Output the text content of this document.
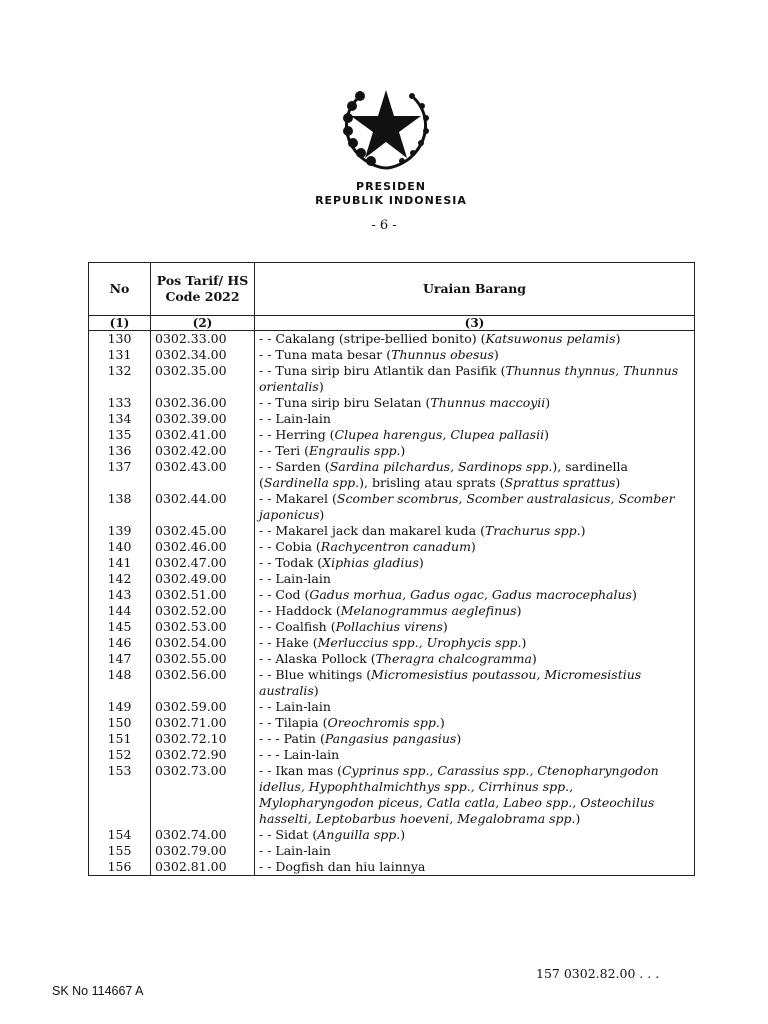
PRESIDEN
REPUBLIK INDONESIA
- 6 -
No	Pos Tarif/ HS Code 2022	Uraian Barang
(1)	(2)	(3)
130	0302.33.00	- - Cakalang (stripe-bellied bonito) (Katsuwonus pelamis)
131	0302.34.00	- - Tuna mata besar (Thunnus obesus)
132	0302.35.00	- - Tuna sirip biru Atlantik dan Pasifik (Thunnus thynnus, Thunnus orientalis)
133	0302.36.00	- - Tuna sirip biru Selatan (Thunnus maccoyii)
134	0302.39.00	- - Lain-lain
135	0302.41.00	- - Herring (Clupea harengus, Clupea pallasii)
136	0302.42.00	- - Teri (Engraulis spp.)
137	0302.43.00	- - Sarden (Sardina pilchardus, Sardinops spp.), sardinella (Sardinella spp.), brisling atau sprats (Sprattus sprattus)
138	0302.44.00	- - Makarel (Scomber scombrus, Scomber australasicus, Scomber japonicus)
139	0302.45.00	- - Makarel jack dan makarel kuda (Trachurus spp.)
140	0302.46.00	- - Cobia (Rachycentron canadum)
141	0302.47.00	- - Todak (Xiphias gladius)
142	0302.49.00	- - Lain-lain
143	0302.51.00	- - Cod (Gadus morhua, Gadus ogac, Gadus macrocephalus)
144	0302.52.00	- - Haddock (Melanogrammus aeglefinus)
145	0302.53.00	- - Coalfish (Pollachius virens)
146	0302.54.00	- - Hake (Merluccius spp., Urophycis spp.)
147	0302.55.00	- - Alaska Pollock (Theragra chalcogramma)
148	0302.56.00	- - Blue whitings (Micromesistius poutassou, Micromesistius australis)
149	0302.59.00	- - Lain-lain
150	0302.71.00	- - Tilapia (Oreochromis spp.)
151	0302.72.10	- - - Patin (Pangasius pangasius)
152	0302.72.90	- - - Lain-lain
153	0302.73.00	- - Ikan mas (Cyprinus spp., Carassius spp., Ctenopharyngodon idellus, Hypophthalmichthys spp., Cirrhinus spp., Mylopharyngodon piceus, Catla catla, Labeo spp., Osteochilus hasselti, Leptobarbus hoeveni, Megalobrama spp.)
154	0302.74.00	- - Sidat (Anguilla spp.)
155	0302.79.00	- - Lain-lain
156	0302.81.00	- - Dogfish dan hiu lainnya
157 0302.82.00 . . .
SK No 114667 A
